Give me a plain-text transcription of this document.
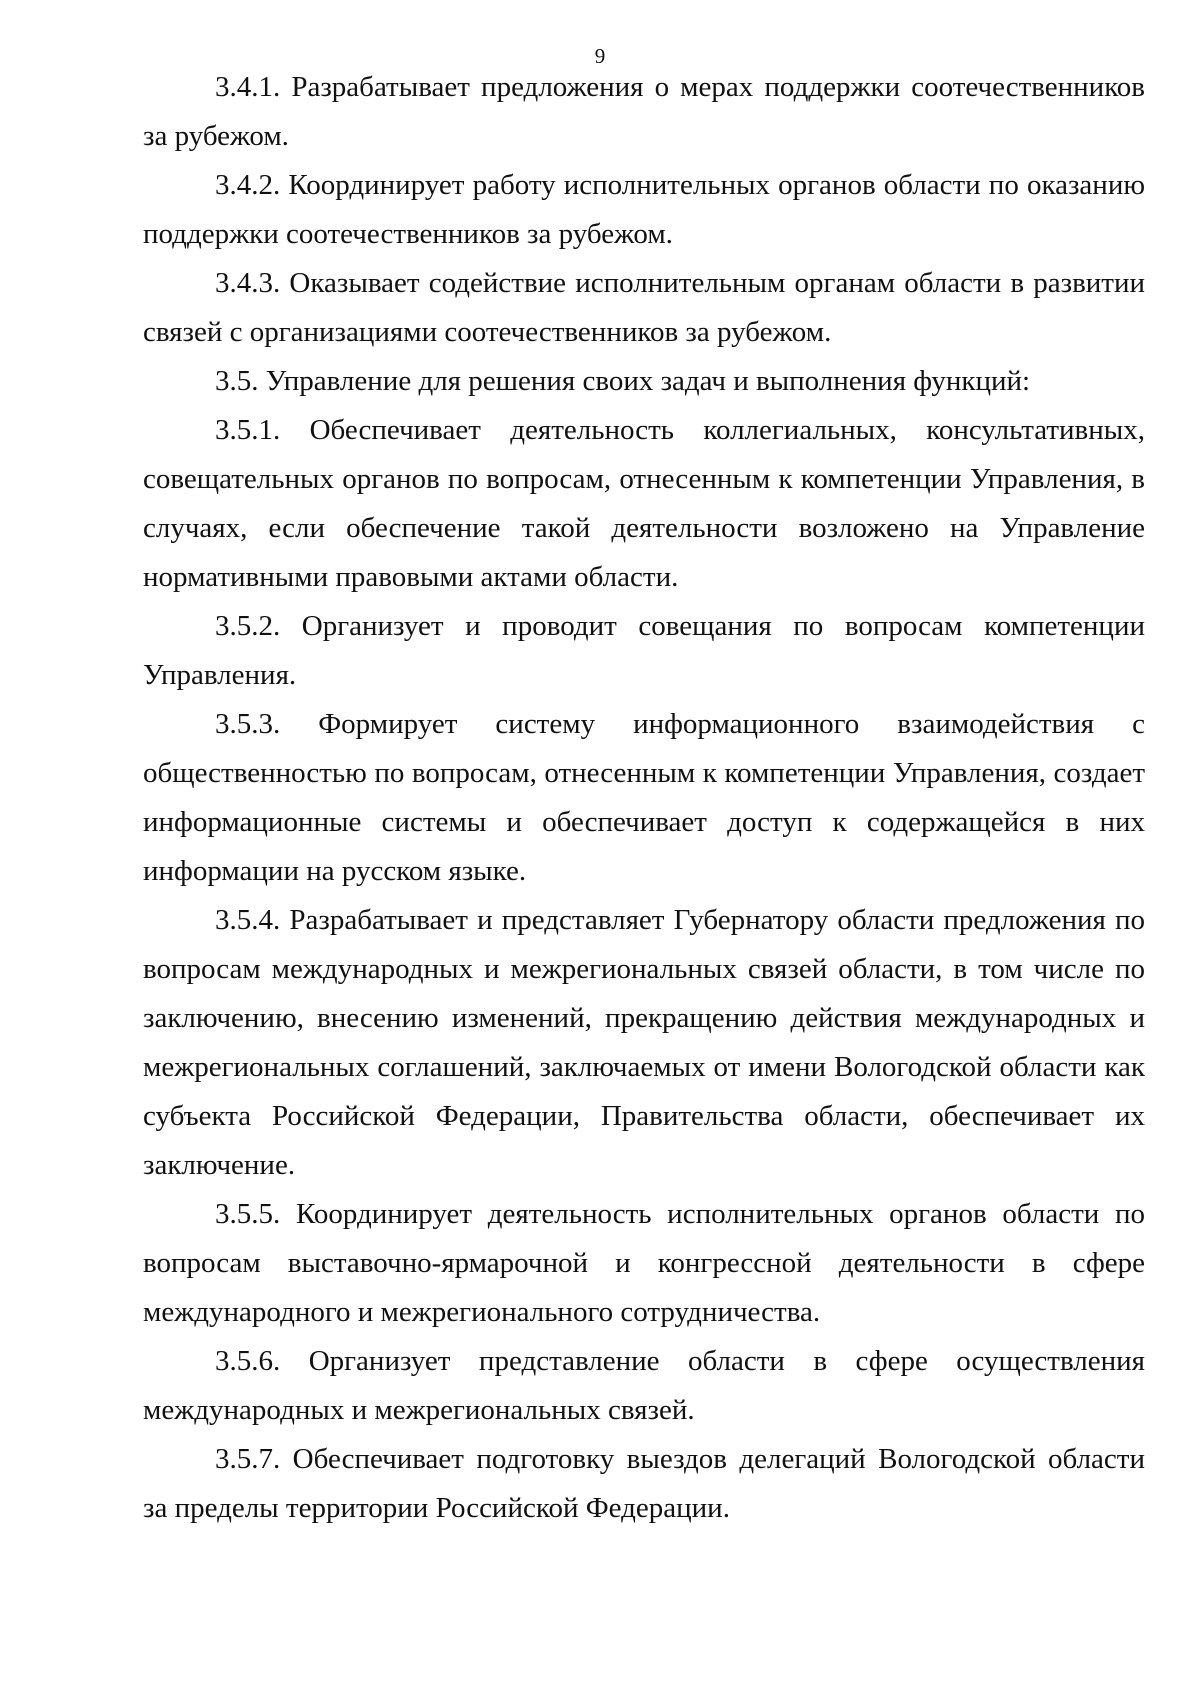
9

3.4.1. Разрабатывает предложения о мерах поддержки соотечественников за рубежом.

3.4.2. Координирует работу исполнительных органов области по оказанию поддержки соотечественников за рубежом.

3.4.3. Оказывает содействие исполнительным органам области в развитии связей с организациями соотечественников за рубежом.

3.5. Управление для решения своих задач и выполнения функций:

3.5.1. Обеспечивает деятельность коллегиальных, консультативных, совещательных органов по вопросам, отнесенным к компетенции Управления, в случаях, если обеспечение такой деятельности возложено на Управление нормативными правовыми актами области.

3.5.2. Организует и проводит совещания по вопросам компетенции Управления.

3.5.3. Формирует систему информационного взаимодействия с общественностью по вопросам, отнесенным к компетенции Управления, создает информационные системы и обеспечивает доступ к содержащейся в них информации на русском языке.

3.5.4. Разрабатывает и представляет Губернатору области предложения по вопросам международных и межрегиональных связей области, в том числе по заключению, внесению изменений, прекращению действия международных и межрегиональных соглашений, заключаемых от имени Вологодской области как субъекта Российской Федерации, Правительства области, обеспечивает их заключение.

3.5.5. Координирует деятельность исполнительных органов области по вопросам выставочно-ярмарочной и конгрессной деятельности в сфере международного и межрегионального сотрудничества.

3.5.6. Организует представление области в сфере осуществления международных и межрегиональных связей.

3.5.7. Обеспечивает подготовку выездов делегаций Вологодской области за пределы территории Российской Федерации.
